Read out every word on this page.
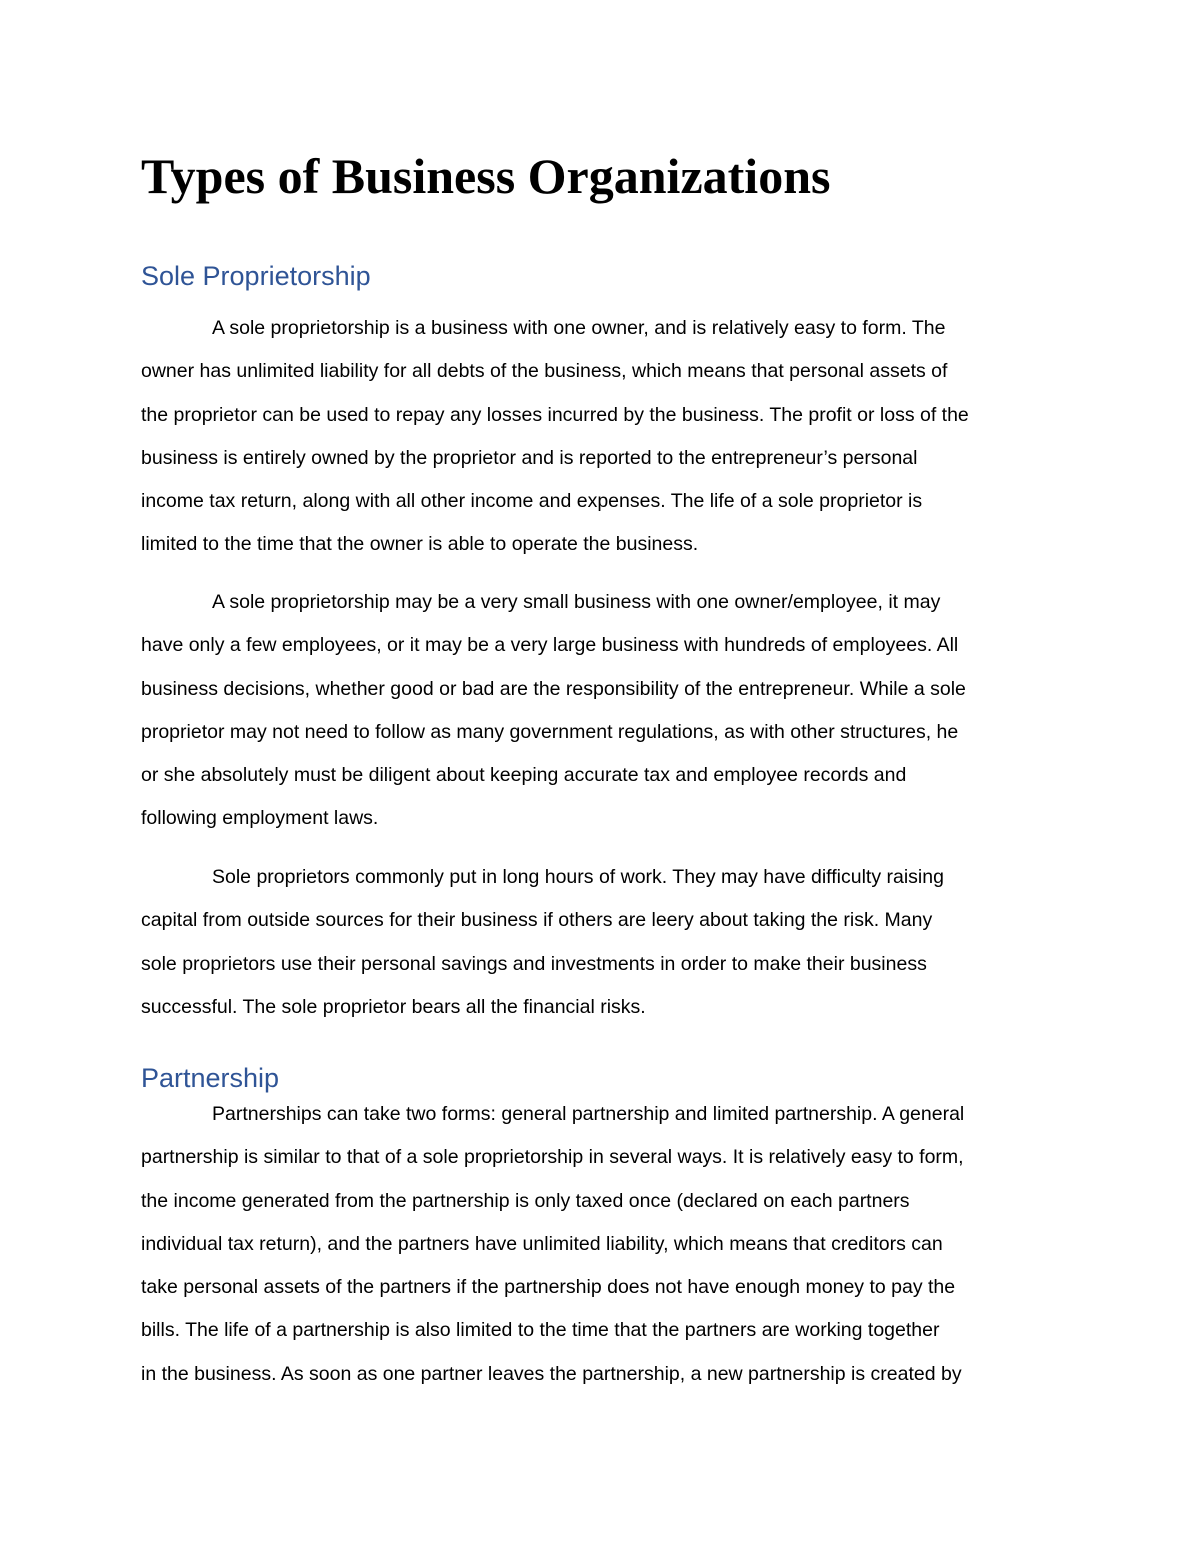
Types of Business Organizations
Sole Proprietorship

A sole proprietorship is a business with one owner, and is relatively easy to form. The
owner has unlimited liability for all debts of the business, which means that personal assets of
the proprietor can be used to repay any losses incurred by the business. The profit or loss of the
business is entirely owned by the proprietor and is reported to the entrepreneur’s personal
income tax return, along with all other income and expenses. The life of a sole proprietor is
limited to the time that the owner is able to operate the business.

A sole proprietorship may be a very small business with one owner/employee, it may
have only a few employees, or it may be a very large business with hundreds of employees. All
business decisions, whether good or bad are the responsibility of the entrepreneur. While a sole
proprietor may not need to follow as many government regulations, as with other structures, he
or she absolutely must be diligent about keeping accurate tax and employee records and
following employment laws.

Sole proprietors commonly put in long hours of work. They may have difficulty raising
capital from outside sources for their business if others are leery about taking the risk. Many
sole proprietors use their personal savings and investments in order to make their business
successful. The sole proprietor bears all the financial risks.

Partnership

Partnerships can take two forms: general partnership and limited partnership. A general
partnership is similar to that of a sole proprietorship in several ways. It is relatively easy to form,
the income generated from the partnership is only taxed once (declared on each partners
individual tax return), and the partners have unlimited liability, which means that creditors can
take personal assets of the partners if the partnership does not have enough money to pay the
bills. The life of a partnership is also limited to the time that the partners are working together
in the business. As soon as one partner leaves the partnership, a new partnership is created by
